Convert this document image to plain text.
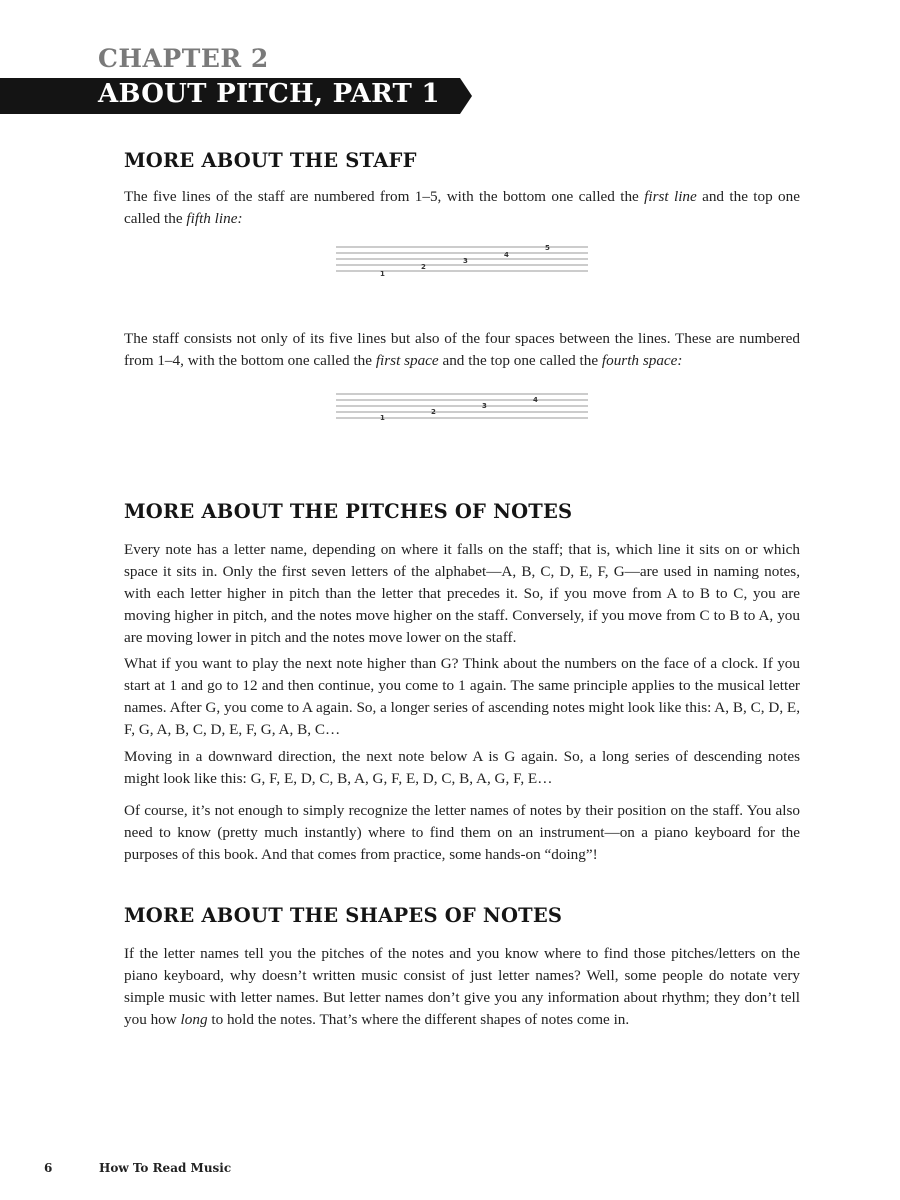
CHAPTER 2
ABOUT PITCH, PART 1
MORE ABOUT THE STAFF

The five lines of the staff are numbered from 1–5, with the bottom one called the first line and the top one called the fifth line:

1
2
3
4
5

The staff consists not only of its five lines but also of the four spaces between the lines. These are numbered from 1–4, with the bottom one called the first space and the top one called the fourth space:

1
2
3
4
MORE ABOUT THE PITCHES OF NOTES

Every note has a letter name, depending on where it falls on the staff; that is, which line it sits on or which space it sits in. Only the first seven letters of the alphabet—A, B, C, D, E, F, G—are used in naming notes, with each letter higher in pitch than the letter that precedes it. So, if you move from A to B to C, you are moving higher in pitch, and the notes move higher on the staff. Conversely, if you move from C to B to A, you are moving lower in pitch and the notes move lower on the staff.

What if you want to play the next note higher than G? Think about the numbers on the face of a clock. If you start at 1 and go to 12 and then continue, you come to 1 again. The same principle applies to the musical letter names. After G, you come to A again. So, a longer series of ascending notes might look like this: A, B, C, D, E, F, G, A, B, C, D, E, F, G, A, B, C…

Moving in a downward direction, the next note below A is G again. So, a long series of descending notes might look like this: G, F, E, D, C, B, A, G, F, E, D, C, B, A, G, F, E…

Of course, it’s not enough to simply recognize the letter names of notes by their position on the staff. You also need to know (pretty much instantly) where to find them on an instrument—on a piano keyboard for the purposes of this book. And that comes from practice, some hands-on “doing”!

MORE ABOUT THE SHAPES OF NOTES

If the letter names tell you the pitches of the notes and you know where to find those pitches/letters on the piano keyboard, why doesn’t written music consist of just letter names? Well, some people do notate very simple music with letter names. But letter names don’t give you any information about rhythm; they don’t tell you how long to hold the notes. That’s where the different shapes of notes come in.

6	How To Read Music
